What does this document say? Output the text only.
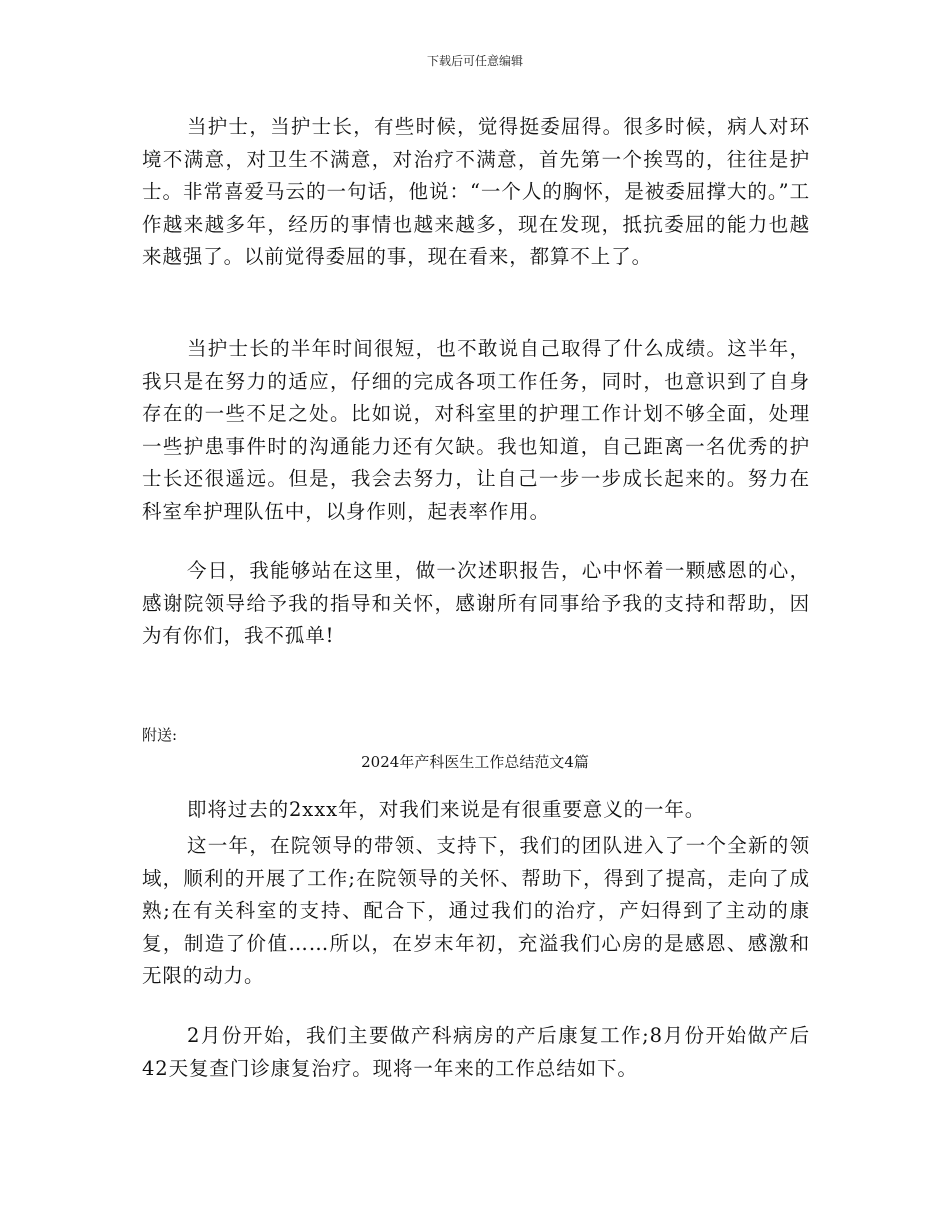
下载后可任意编辑

当护士，当护士长，有些时候，觉得挺委屈得。很多时候，病人对环境不满意，对卫生不满意，对治疗不满意，首先第一个挨骂的，往往是护士。非常喜爱马云的一句话，他说：“一个人的胸怀，是被委屈撑大的。”工作越来越多年，经历的事情也越来越多，现在发现，抵抗委屈的能力也越来越强了。以前觉得委屈的事，现在看来，都算不上了。

当护士长的半年时间很短，也不敢说自己取得了什么成绩。这半年，我只是在努力的适应，仔细的完成各项工作任务，同时，也意识到了自身存在的一些不足之处。比如说，对科室里的护理工作计划不够全面，处理一些护患事件时的沟通能力还有欠缺。我也知道，自己距离一名优秀的护士长还很遥远。但是，我会去努力，让自己一步一步成长起来的。努力在科室牟护理队伍中，以身作则，起表率作用。

今日，我能够站在这里，做一次述职报告，心中怀着一颗感恩的心，感谢院领导给予我的指导和关怀，感谢所有同事给予我的支持和帮助，因为有你们，我不孤单!

附送:
2024年产科医生工作总结范文4篇

即将过去的2xxx年，对我们来说是有很重要意义的一年。

这一年，在院领导的带领、支持下，我们的团队进入了一个全新的领域，顺利的开展了工作;在院领导的关怀、帮助下，得到了提高，走向了成熟;在有关科室的支持、配合下，通过我们的治疗，产妇得到了主动的康复，制造了价值……所以，在岁末年初，充溢我们心房的是感恩、感激和无限的动力。

2月份开始，我们主要做产科病房的产后康复工作;8月份开始做产后42天复查门诊康复治疗。现将一年来的工作总结如下。
